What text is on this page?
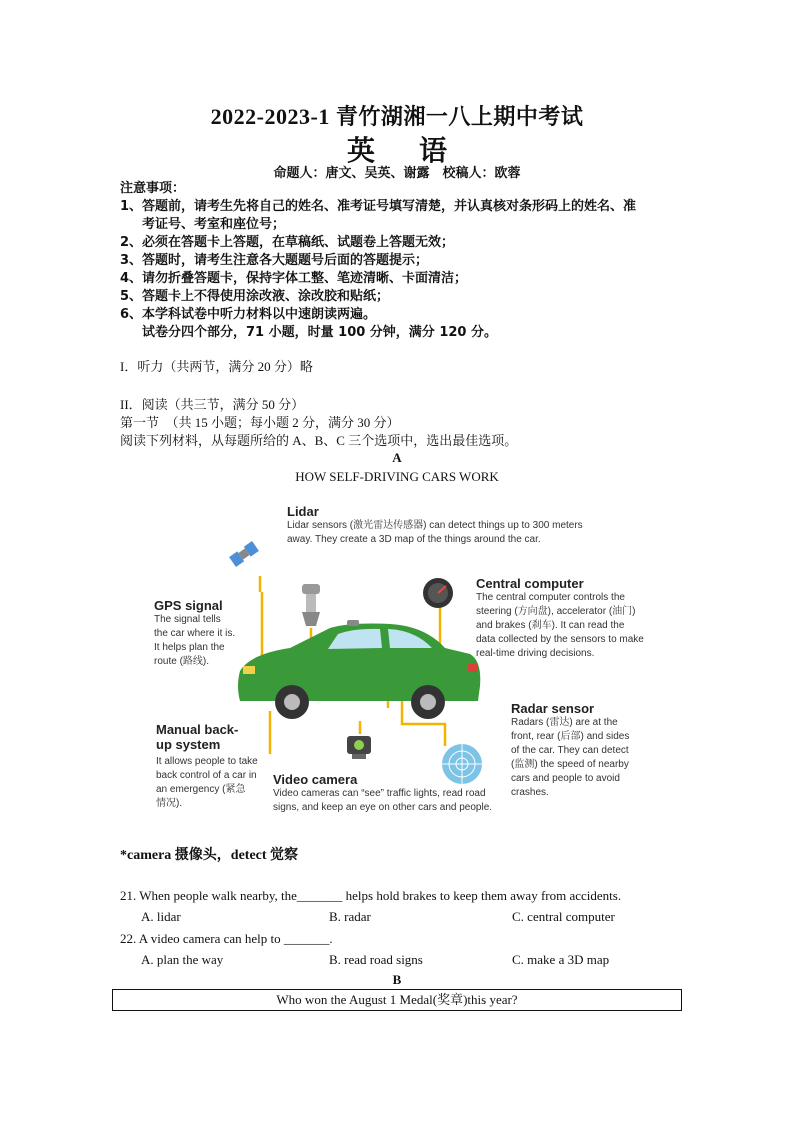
2022-2023-1 青竹湖湘一八上期中考试
英 语
命题人：唐文、吴英、谢露　校稿人：欧蓉
注意事项：
1、答题前，请考生先将自己的姓名、准考证号填写清楚，并认真核对条形码上的姓名、准
考证号、考室和座位号；
2、必须在答题卡上答题，在草稿纸、试题卷上答题无效；
3、答题时，请考生注意各大题题号后面的答题提示；
4、请勿折叠答题卡，保持字体工整、笔迹清晰、卡面清洁；
5、答题卡上不得使用涂改液、涂改胶和贴纸；
6、本学科试卷中听力材料以中速朗读两遍。
试卷分四个部分，71 小题，时量 100 分钟，满分 120 分。
I．听力（共两节，满分 20 分）略
II．阅读（共三节，满分 50 分）
第一节　（共 15 小题；每小题 2 分，满分 30 分）
阅读下列材料，从每题所给的 A、B、C 三个选项中，选出最佳选项。
A
HOW SELF-DRIVING CARS WORK
Lidar
Lidar sensors (激光雷达传感器) can detect things up to 300 meters
away. They create a 3D map of the things around the car.
GPS signal
The signal tells
the car where it is.
It helps plan the
route (路线).
Central computer
The central computer controls the
steering (方向盘), accelerator (油门)
and brakes (刹车). It can read the
data collected by the sensors to make
real-time driving decisions.
Radar sensor
Radars (雷达) are at the
front, rear (后部) and sides
of the car. They can detect
(监测) the speed of nearby
cars and people to avoid
crashes.
Manual back-
up system
It allows people to take
back control of a car in
an emergency (紧急
情况).
Video camera
Video cameras can “see” traffic lights, read road
signs, and keep an eye on other cars and people.
*camera 摄像头，detect 觉察
21. When people walk nearby, the_______ helps hold brakes to keep them away from accidents.
A. lidar	B. radar	C. central computer
22. A video camera can help to _______.
A. plan the way	B. read road signs	C. make a 3D map
B
Who won the August 1 Medal(奖章)this year?
